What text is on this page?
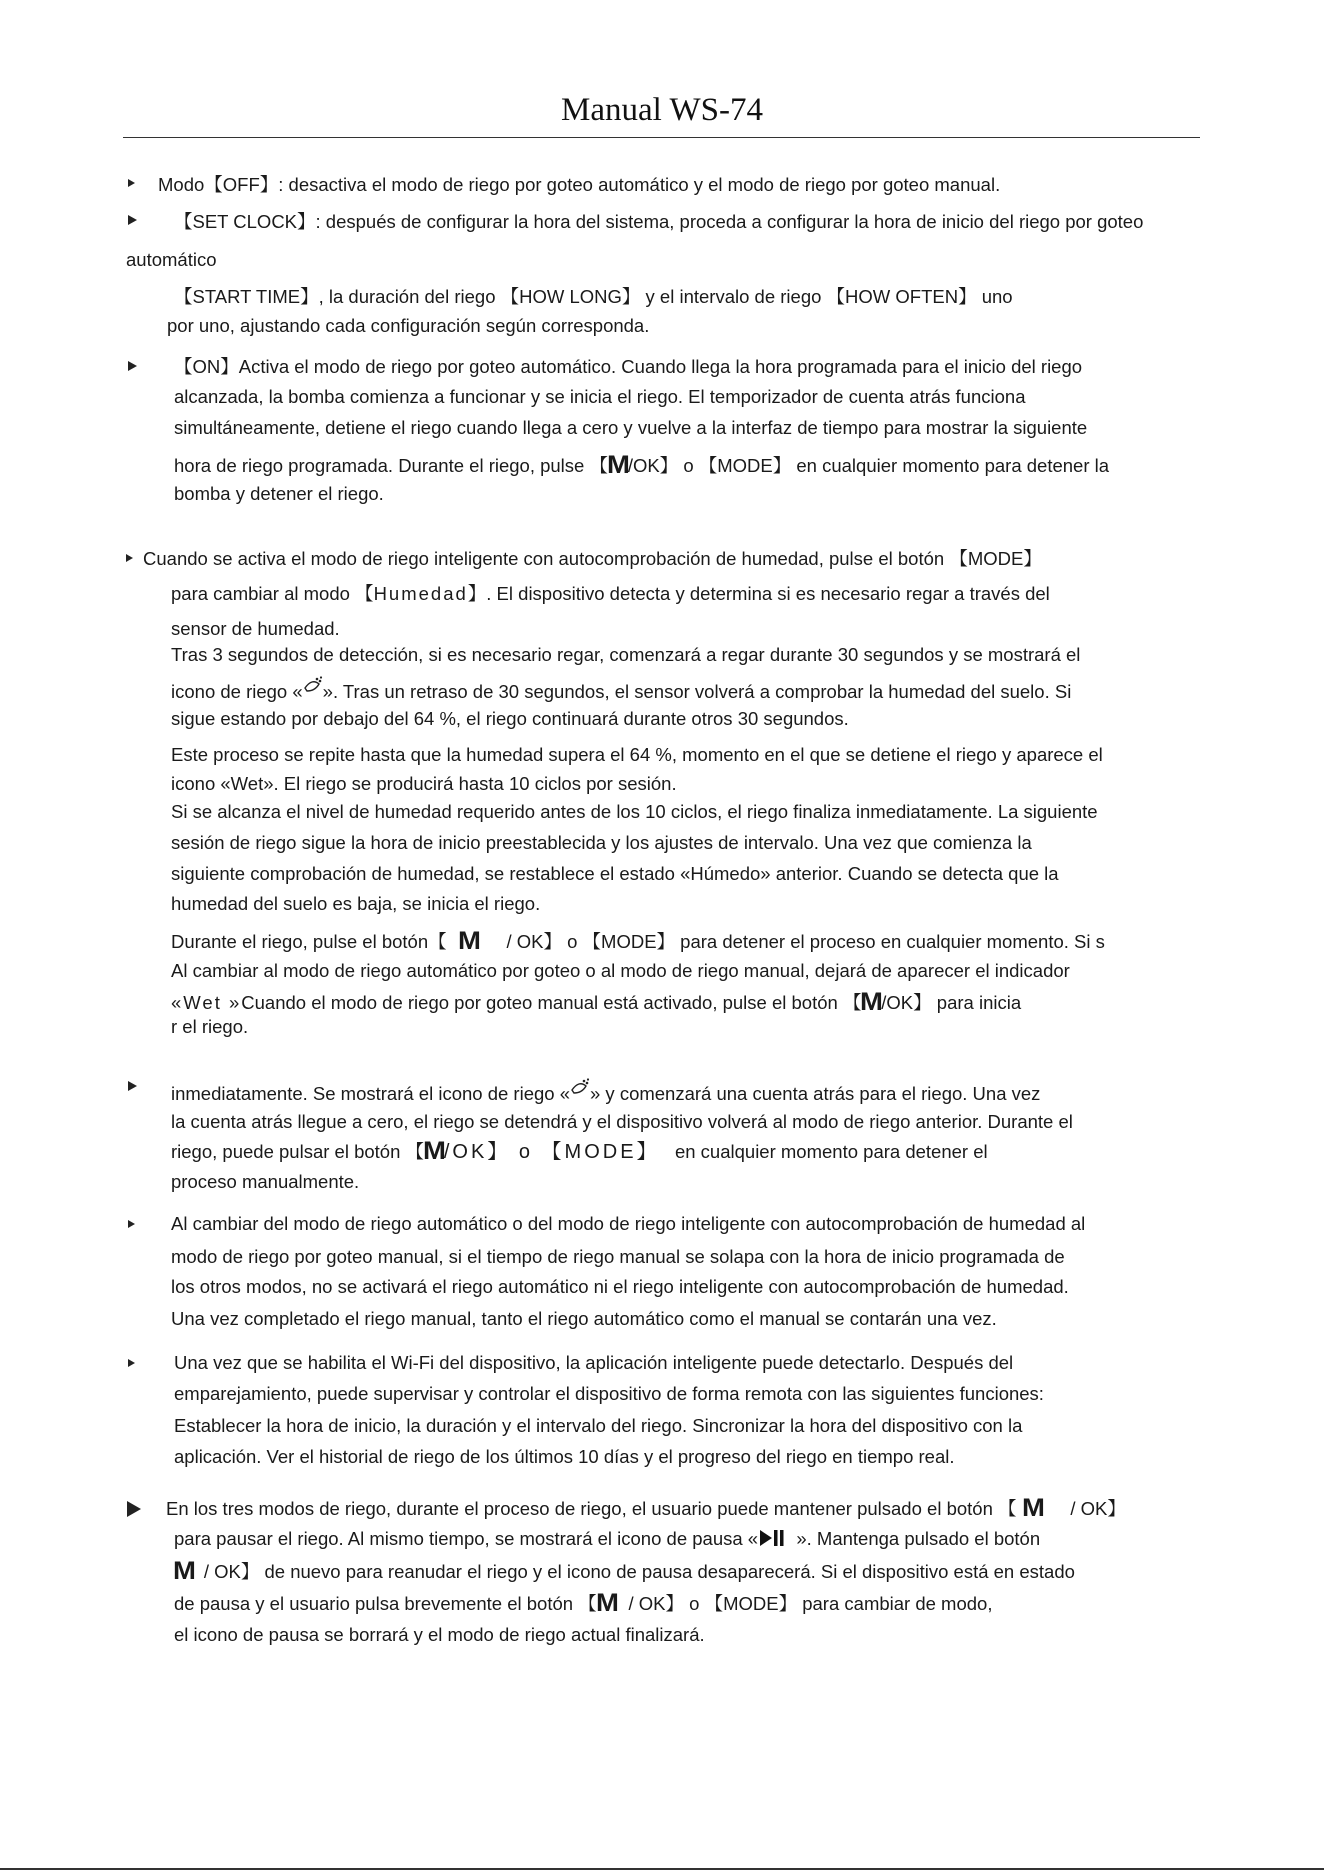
Manual WS-74
Modo【OFF】: desactiva el modo de riego por goteo automático y el modo de riego por goteo manual.
【SET CLOCK】: después de configurar la hora del sistema, proceda a configurar la hora de inicio del riego por goteo
automático
【START TIME】, la duración del riego 【HOW LONG】 y el intervalo de riego 【HOW OFTEN】 uno
por uno, ajustando cada configuración según corresponda.
【ON】Activa el modo de riego por goteo automático. Cuando llega la hora programada para el inicio del riego
alcanzada, la bomba comienza a funcionar y se inicia el riego. El temporizador de cuenta atrás funciona
simultáneamente, detiene el riego cuando llega a cero y vuelve a la interfaz de tiempo para mostrar la siguiente
hora de riego programada. Durante el riego, pulse 【M/OK】 o 【MODE】 en cualquier momento para detener la
bomba y detener el riego.
Cuando se activa el modo de riego inteligente con autocomprobación de humedad, pulse el botón 【MODE】
para cambiar al modo 【Humedad】. El dispositivo detecta y determina si es necesario regar a través del
sensor de humedad.
Tras 3 segundos de detección, si es necesario regar, comenzará a regar durante 30 segundos y se mostrará el
icono de riego « ». Tras un retraso de 30 segundos, el sensor volverá a comprobar la humedad del suelo. Si
sigue estando por debajo del 64 %, el riego continuará durante otros 30 segundos.
Este proceso se repite hasta que la humedad supera el 64 %, momento en el que se detiene el riego y aparece el
icono «Wet». El riego se producirá hasta 10 ciclos por sesión.
Si se alcanza el nivel de humedad requerido antes de los 10 ciclos, el riego finaliza inmediatamente. La siguiente
sesión de riego sigue la hora de inicio preestablecida y los ajustes de intervalo. Una vez que comienza la
siguiente comprobación de humedad, se restablece el estado «Húmedo» anterior. Cuando se detecta que la
humedad del suelo es baja, se inicia el riego.
Durante el riego, pulse el botón【 M / OK】 o 【MODE】 para detener el proceso en cualquier momento. Si s
Al cambiar al modo de riego automático por goteo o al modo de riego manual, dejará de aparecer el indicador
«Wet »Cuando el modo de riego por goteo manual está activado, pulse el botón 【M/OK】 para inicia
r el riego.
inmediatamente. Se mostrará el icono de riego « » y comenzará una cuenta atrás para el riego. Una vez
la cuenta atrás llegue a cero, el riego se detendrá y el dispositivo volverá al modo de riego anterior. Durante el
riego, puede pulsar el botón 【M/OK】 o 【MODE】 en cualquier momento para detener el
proceso manualmente.
Al cambiar del modo de riego automático o del modo de riego inteligente con autocomprobación de humedad al
modo de riego por goteo manual, si el tiempo de riego manual se solapa con la hora de inicio programada de
los otros modos, no se activará el riego automático ni el riego inteligente con autocomprobación de humedad.
Una vez completado el riego manual, tanto el riego automático como el manual se contarán una vez.
Una vez que se habilita el Wi-Fi del dispositivo, la aplicación inteligente puede detectarlo. Después del
emparejamiento, puede supervisar y controlar el dispositivo de forma remota con las siguientes funciones:
Establecer la hora de inicio, la duración y el intervalo del riego. Sincronizar la hora del dispositivo con la
aplicación. Ver el historial de riego de los últimos 10 días y el progreso del riego en tiempo real.
En los tres modos de riego, durante el proceso de riego, el usuario puede mantener pulsado el botón 【 M / OK】
para pausar el riego. Al mismo tiempo, se mostrará el icono de pausa « ». Mantenga pulsado el botón
M / OK】 de nuevo para reanudar el riego y el icono de pausa desaparecerá. Si el dispositivo está en estado
de pausa y el usuario pulsa brevemente el botón 【M / OK】 o 【MODE】 para cambiar de modo,
el icono de pausa se borrará y el modo de riego actual finalizará.
